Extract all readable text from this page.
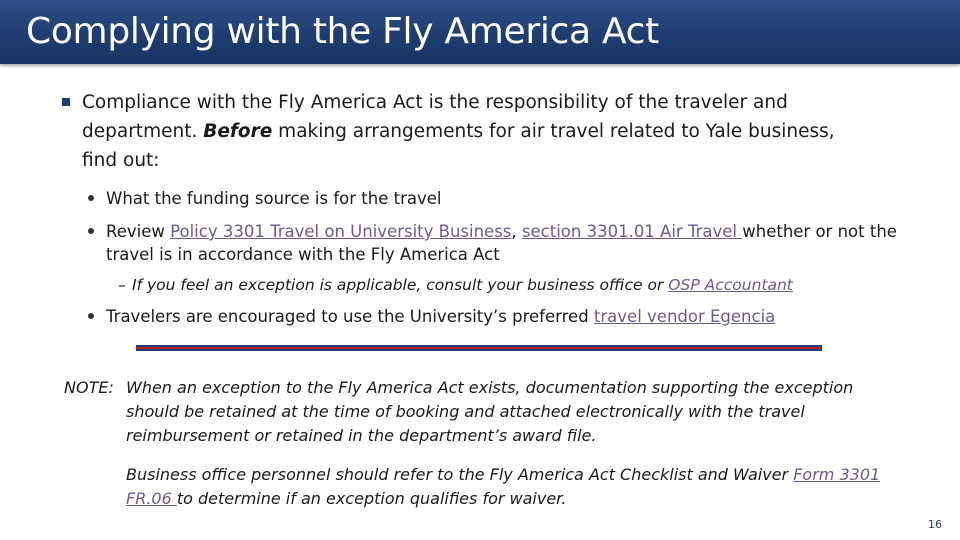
Complying with the Fly America Act
Compliance with the Fly America Act is the responsibility of the traveler and department. Before making arrangements for air travel related to Yale business, find out:
What the funding source is for the travel
Review Policy 3301 Travel on University Business, section 3301.01 Air Travel whether or not the travel is in accordance with the Fly America Act
– If you feel an exception is applicable, consult your business office or OSP Accountant
Travelers are encouraged to use the University’s preferred travel vendor Egencia
NOTE: When an exception to the Fly America Act exists, documentation supporting the exception should be retained at the time of booking and attached electronically with the travel reimbursement or retained in the department’s award file.
Business office personnel should refer to the Fly America Act Checklist and Waiver Form 3301 FR.06 to determine if an exception qualifies for waiver.
16
